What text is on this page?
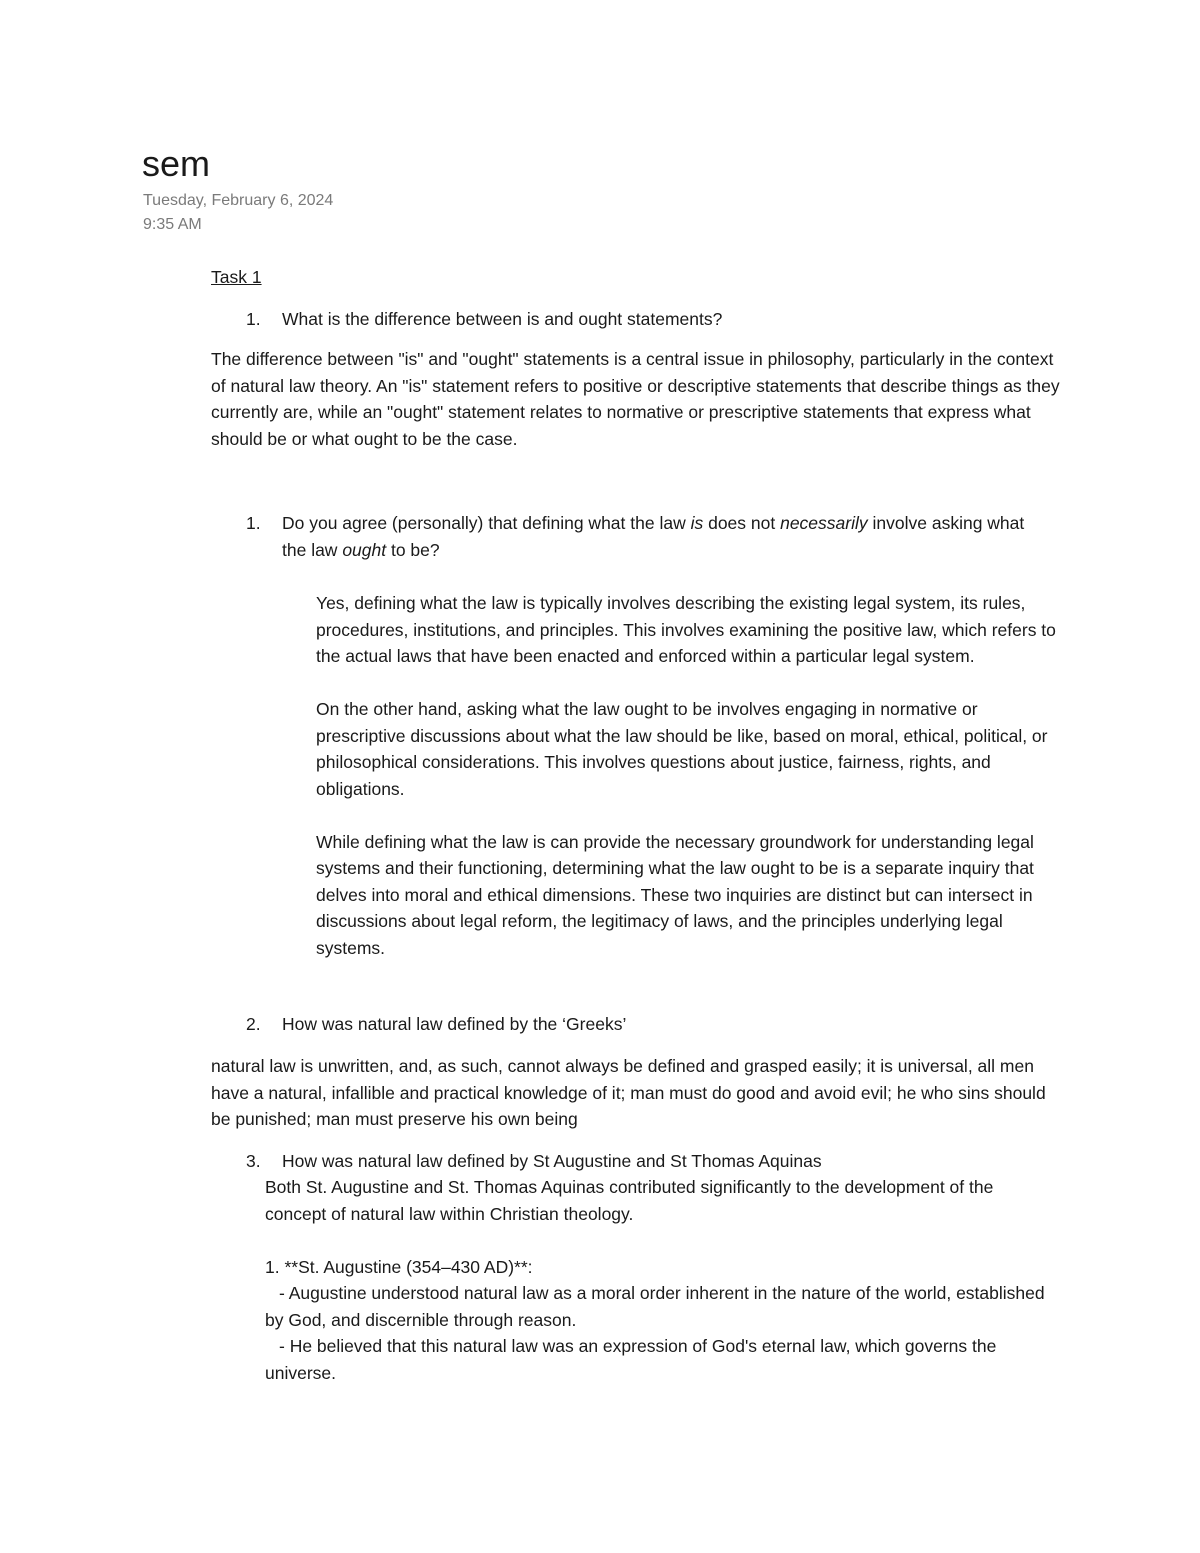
sem
Tuesday, February 6, 2024
9:35 AM
Task 1
1.	What is the difference between is and ought statements?
The difference between "is" and "ought" statements is a central issue in philosophy, particularly in the context of natural law theory. An "is" statement refers to positive or descriptive statements that describe things as they currently are, while an "ought" statement relates to normative or prescriptive statements that express what should be or what ought to be the case.
1.	Do you agree (personally) that defining what the law is does not necessarily involve asking what the law ought to be?

Yes, defining what the law is typically involves describing the existing legal system, its rules, procedures, institutions, and principles. This involves examining the positive law, which refers to the actual laws that have been enacted and enforced within a particular legal system.

On the other hand, asking what the law ought to be involves engaging in normative or prescriptive discussions about what the law should be like, based on moral, ethical, political, or philosophical considerations. This involves questions about justice, fairness, rights, and obligations.

While defining what the law is can provide the necessary groundwork for understanding legal systems and their functioning, determining what the law ought to be is a separate inquiry that delves into moral and ethical dimensions. These two inquiries are distinct but can intersect in discussions about legal reform, the legitimacy of laws, and the principles underlying legal systems.

2.	How was natural law defined by the ‘Greeks’
natural law is unwritten, and, as such, cannot always be defined and grasped easily; it is universal, all men have a natural, infallible and practical knowledge of it; man must do good and avoid evil; he who sins should be punished; man must preserve his own being
3.	How was natural law defined by St Augustine and St Thomas Aquinas
Both St. Augustine and St. Thomas Aquinas contributed significantly to the development of the concept of natural law within Christian theology.
1. **St. Augustine (354–430 AD)**:
- Augustine understood natural law as a moral order inherent in the nature of the world, established by God, and discernible through reason.
- He believed that this natural law was an expression of God's eternal law, which governs the universe.
